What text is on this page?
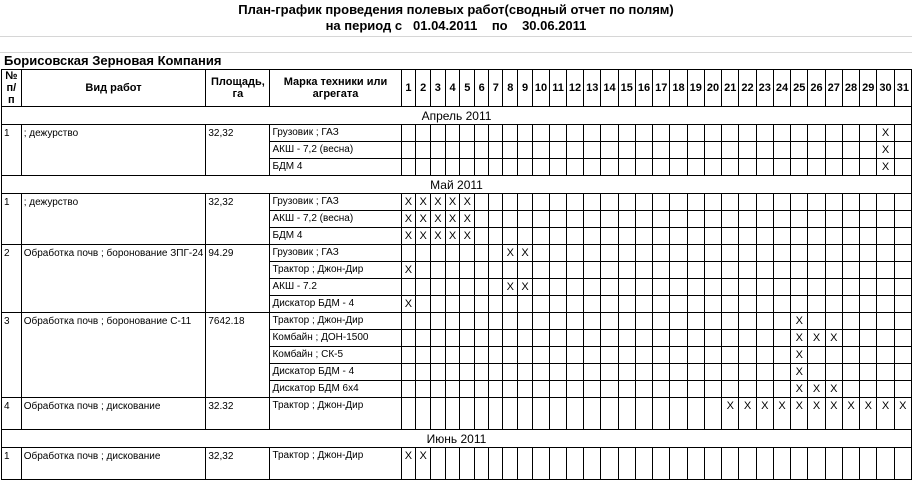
План-график проведения полевых работ(сводный отчет по полям)
на период с 01.04.2011 по 30.06.2011
Борисовская Зерновая Компания
№ п/п	Вид работ	Площадь, га	Марка техники или агрегата	1	2	3	4	5	6	7	8	9	10	11	12	13	14	15	16	17	18	19	20	21	22	23	24	25	26	27	28	29	30	31
Апрель 2011																																		
1	; дежурство	32,32	Грузовик ; ГАЗ																														X	
			АКШ - 7,2 (весна)																														X	
			БДМ 4																														X	
Май 2011																																		
1	; дежурство	32,32	Грузовик ; ГАЗ	X	X	X	X	X																										
			АКШ - 7,2 (весна)	X	X	X	X	X																										
			БДМ 4	X	X	X	X	X																										
2	Обработка почв ; боронование ЗПГ-24	94.29	Грузовик ; ГАЗ								X	X																						
			Трактор ; Джон-Дир	X																														
			АКШ - 7.2								X	X																						
			Дискатор БДМ - 4	X																														
3	Обработка почв ; боронование С-11	7642.18	Трактор ; Джон-Дир																									X						
			Комбайн ; ДОН-1500																									X	X	X				
			Комбайн ; СК-5																									X						
			Дискатор БДМ - 4																									X						
			Дискатор БДМ 6х4																									X	X	X				
4	Обработка почв ; дискование	32.32	Трактор ; Джон-Дир																					X	X	X	X	X	X	X	X	X	X	X
Июнь 2011																																		
1	Обработка почв ; дискование	32,32	Трактор ; Джон-Дир	X	X																													
